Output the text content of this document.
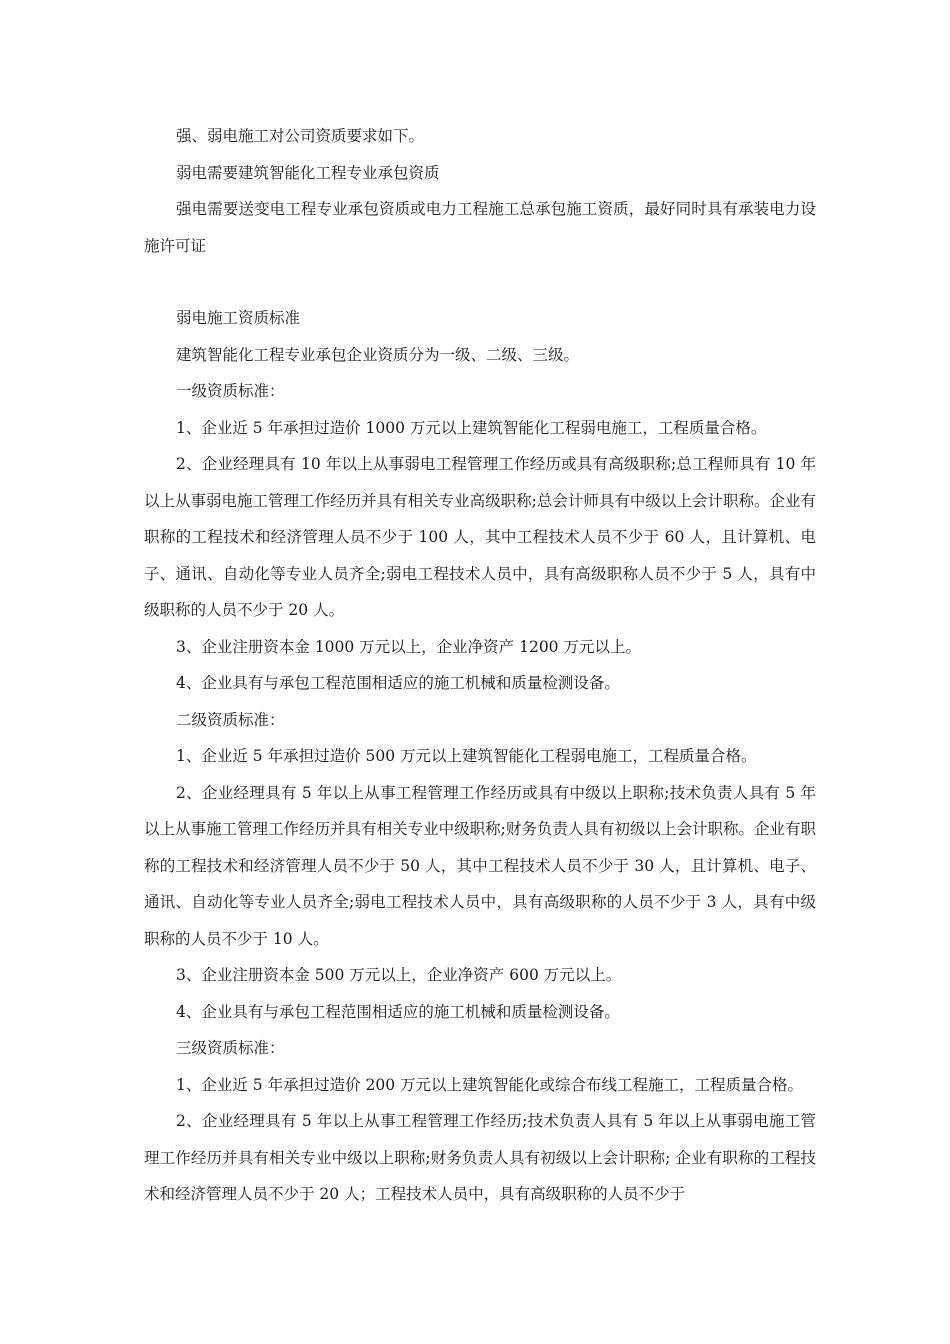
强、弱电施工对公司资质要求如下。

弱电需要建筑智能化工程专业承包资质

强电需要送变电工程专业承包资质或电力工程施工总承包施工资质，最好同时具有承装电力设施许可证

弱电施工资质标准

建筑智能化工程专业承包企业资质分为一级、二级、三级。

一级资质标准：

1、企业近 5 年承担过造价 1000 万元以上建筑智能化工程弱电施工，工程质量合格。

2、企业经理具有 10 年以上从事弱电工程管理工作经历或具有高级职称;总工程师具有 10 年以上从事弱电施工管理工作经历并具有相关专业高级职称;总会计师具有中级以上会计职称。企业有职称的工程技术和经济管理人员不少于 100 人，其中工程技术人员不少于 60 人，且计算机、电子、通讯、自动化等专业人员齐全;弱电工程技术人员中，具有高级职称人员不少于 5 人，具有中级职称的人员不少于 20 人。

3、企业注册资本金 1000 万元以上，企业净资产 1200 万元以上。

4、企业具有与承包工程范围相适应的施工机械和质量检测设备。

二级资质标准：

1、企业近 5 年承担过造价 500 万元以上建筑智能化工程弱电施工，工程质量合格。

2、企业经理具有 5 年以上从事工程管理工作经历或具有中级以上职称;技术负责人具有 5 年以上从事施工管理工作经历并具有相关专业中级职称;财务负责人具有初级以上会计职称。企业有职称的工程技术和经济管理人员不少于 50 人，其中工程技术人员不少于 30 人，且计算机、电子、通讯、自动化等专业人员齐全;弱电工程技术人员中，具有高级职称的人员不少于 3 人，具有中级职称的人员不少于 10 人。

3、企业注册资本金 500 万元以上，企业净资产 600 万元以上。

4、企业具有与承包工程范围相适应的施工机械和质量检测设备。

三级资质标准：

1、企业近 5 年承担过造价 200 万元以上建筑智能化或综合布线工程施工，工程质量合格。

2、企业经理具有 5 年以上从事工程管理工作经历;技术负责人具有 5 年以上从事弱电施工管理工作经历并具有相关专业中级以上职称;财务负责人具有初级以上会计职称; 企业有职称的工程技术和经济管理人员不少于 20 人；工程技术人员中，具有高级职称的人员不少于
